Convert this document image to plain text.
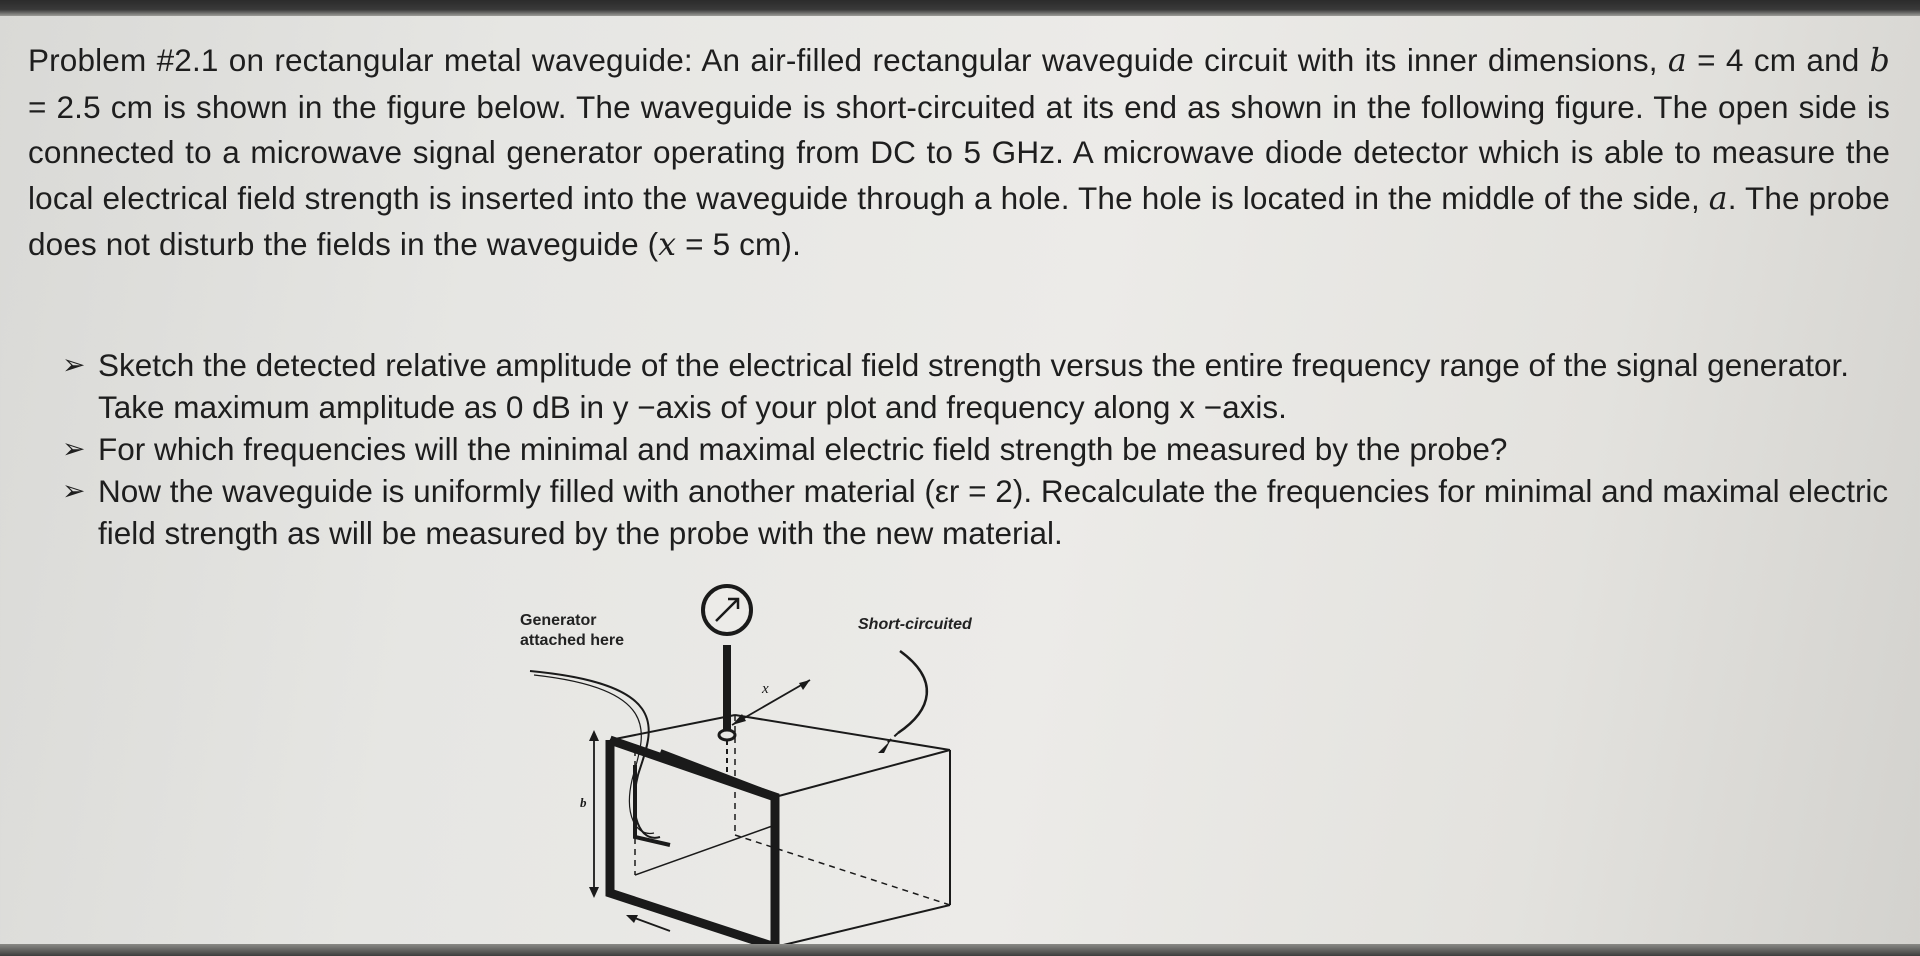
Problem #2.1 on rectangular metal waveguide: An air-filled rectangular waveguide circuit with its inner dimensions, a = 4 cm and b = 2.5 cm is shown in the figure below. The waveguide is short-circuited at its end as shown in the following figure. The open side is connected to a microwave signal generator operating from DC to 5 GHz. A microwave diode detector which is able to measure the local electrical field strength is inserted into the waveguide through a hole. The hole is located in the middle of the side, a. The probe does not disturb the fields in the waveguide (x = 5 cm).

➢ Sketch the detected relative amplitude of the electrical field strength versus the entire frequency range of the signal generator. Take maximum amplitude as 0 dB in y −axis of your plot and frequency along x −axis.
➢ For which frequencies will the minimal and maximal electric field strength be measured by the probe?
➢ Now the waveguide is uniformly filled with another material (εr = 2). Recalculate the frequencies for minimal and maximal electric field strength as will be measured by the probe with the new material.
Generator
attached here
Short-circuited
x
b
